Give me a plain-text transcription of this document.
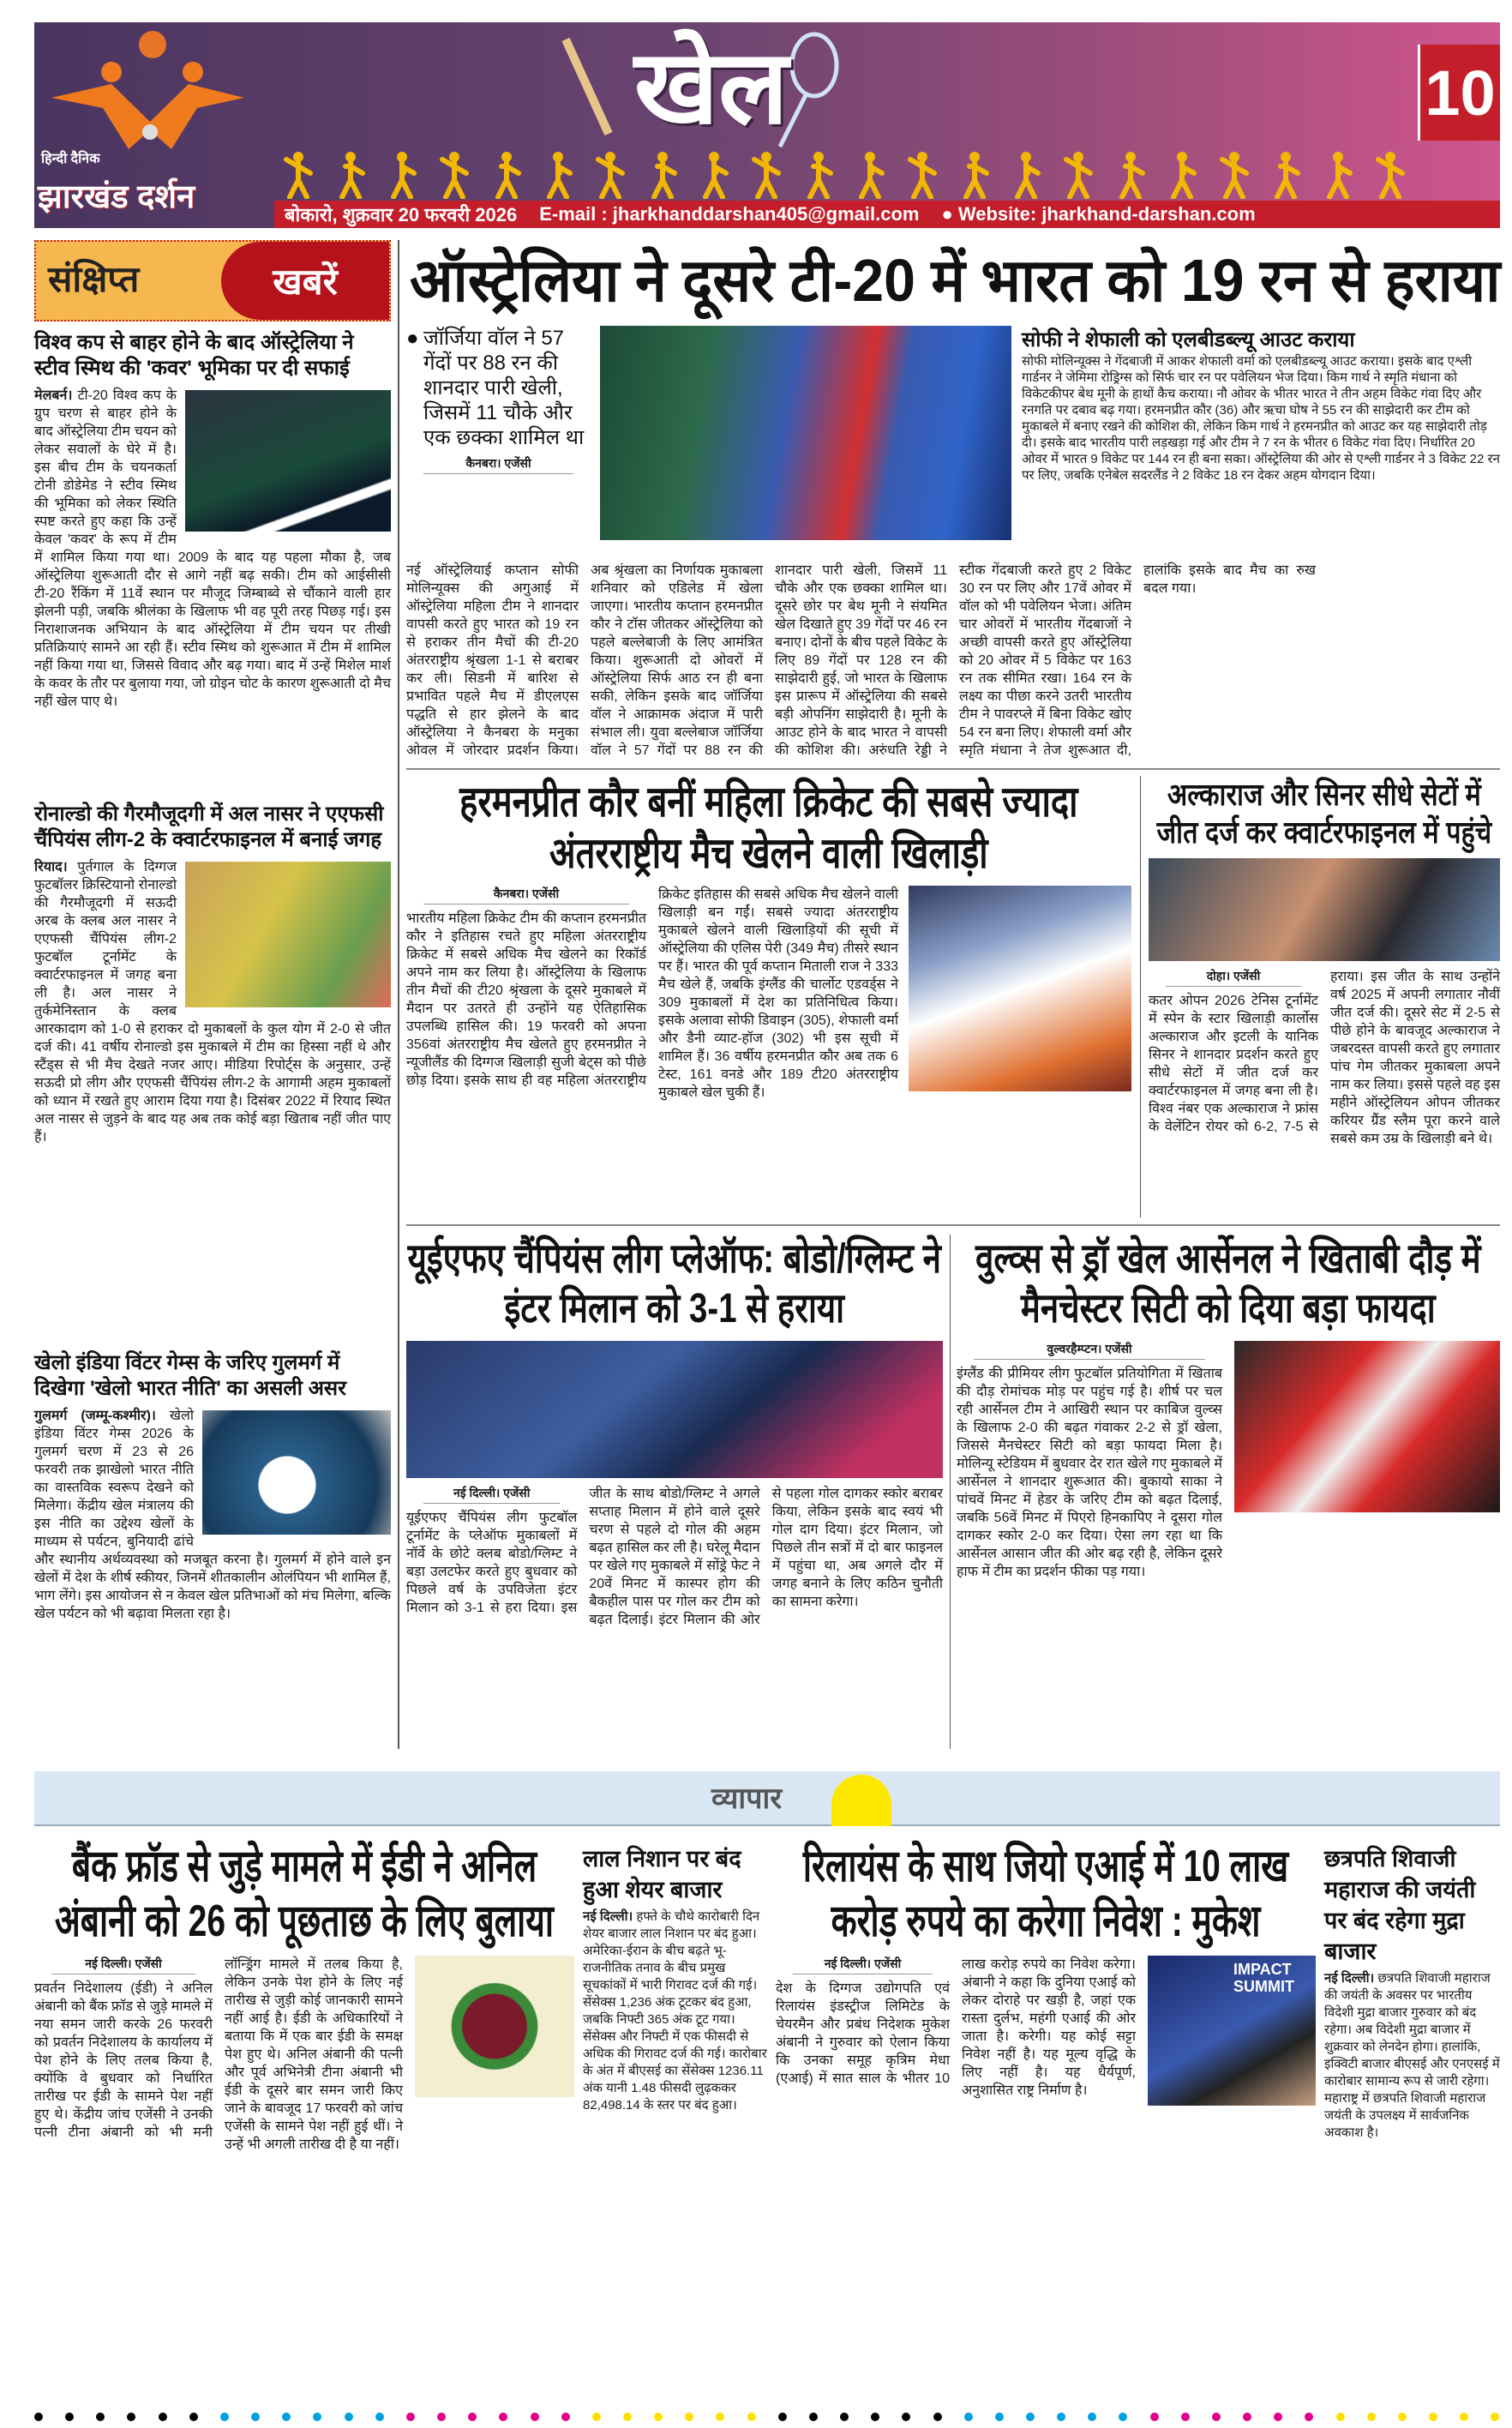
हिन्दी दैनिक
झारखंड दर्शन
खेल	10
बोकारो, शुक्रवार 20 फरवरी 2026 E-mail : jharkhanddarshan405@gmail.com ● Website: jharkhand-darshan.com
संक्षिप्त	खबरें
विश्व कप से बाहर होने के बाद ऑस्ट्रेलिया ने स्टीव स्मिथ की 'कवर' भूमिका पर दी सफाई
मेलबर्न। टी-20 विश्व कप के ग्रुप चरण से बाहर होने के बाद ऑस्ट्रेलिया टीम चयन को लेकर सवालों के घेरे में है। इस बीच टीम के चयनकर्ता टोनी डोडेमेड ने स्टीव स्मिथ की भूमिका को लेकर स्थिति स्पष्ट करते हुए कहा कि उन्हें केवल 'कवर' के रूप में टीम में शामिल किया गया था। 2009 के बाद यह पहला मौका है, जब ऑस्ट्रेलिया शुरूआती दौर से आगे नहीं बढ़ सकी। टीम को आईसीसी टी-20 रैंकिंग में 11वें स्थान पर मौजूद जिम्बाब्वे से चौंकाने वाली हार झेलनी पड़ी, जबकि श्रीलंका के खिलाफ भी वह पूरी तरह पिछड़ गई। इस निराशाजनक अभियान के बाद ऑस्ट्रेलिया में टीम चयन पर तीखी प्रतिक्रियाएं सामने आ रही हैं। स्टीव स्मिथ को शुरूआत में टीम में शामिल नहीं किया गया था, जिससे विवाद और बढ़ गया। बाद में उन्हें मिशेल मार्श के कवर के तौर पर बुलाया गया, जो ग्रोइन चोट के कारण शुरूआती दो मैच नहीं खेल पाए थे।
रोनाल्डो की गैरमौजूदगी में अल नासर ने एएफसी चैंपियंस लीग-2 के क्वार्टरफाइनल में बनाई जगह
रियाद। पुर्तगाल के दिग्गज फुटबॉलर क्रिस्टियानो रोनाल्डो की गैरमौजूदगी में सऊदी अरब के क्लब अल नासर ने एएफसी चैंपियंस लीग-2 फुटबॉल टूर्नामेंट के क्वार्टरफाइनल में जगह बना ली है। अल नासर ने तुर्कमेनिस्तान के क्लब आरकादाग को 1-0 से हराकर दो मुकाबलों के कुल योग में 2-0 से जीत दर्ज की। 41 वर्षीय रोनाल्डो इस मुकाबले में टीम का हिस्सा नहीं थे और स्टैंड्स से भी मैच देखते नजर आए। मीडिया रिपोर्ट्स के अनुसार, उन्हें सऊदी प्रो लीग और एएफसी चैंपियंस लीग-2 के आगामी अहम मुकाबलों को ध्यान में रखते हुए आराम दिया गया है। दिसंबर 2022 में रियाद स्थित अल नासर से जुड़ने के बाद यह अब तक कोई बड़ा खिताब नहीं जीत पाए हैं।
खेलो इंडिया विंटर गेम्स के जरिए गुलमर्ग में दिखेगा 'खेलो भारत नीति' का असली असर
गुलमर्ग (जम्मू-कश्मीर)। खेलो इंडिया विंटर गेम्स 2026 के गुलमर्ग चरण में 23 से 26 फरवरी तक झाखेलो भारत नीति का वास्तविक स्वरूप देखने को मिलेगा। केंद्रीय खेल मंत्रालय की इस नीति का उद्देश्य खेलों के माध्यम से पर्यटन, बुनियादी ढांचे और स्थानीय अर्थव्यवस्था को मजबूत करना है। गुलमर्ग में होने वाले इन खेलों में देश के शीर्ष स्कीयर, जिनमें शीतकालीन ओलंपियन भी शामिल हैं, भाग लेंगे। इस आयोजन से न केवल खेल प्रतिभाओं को मंच मिलेगा, बल्कि खेल पर्यटन को भी बढ़ावा मिलता रहा है।
ऑस्ट्रेलिया ने दूसरे टी-20 में भारत को 19 रन से हराया
● जॉर्जिया वॉल ने 57 गेंदों पर 88 रन की शानदार पारी खेली, जिसमें 11 चौके और एक छक्का शामिल था
कैनबरा। एजेंसी
सोफी ने शेफाली को एलबीडब्ल्यू आउट कराया
सोफी मोलिन्यूक्स ने गेंदबाजी में आकर शेफाली वर्मा को एलबीडब्ल्यू आउट कराया। इसके बाद एश्ली गार्डनर ने जेमिमा रोड्रिग्स को सिर्फ चार रन पर पवेलियन भेज दिया। किम गार्थ ने स्मृति मंधाना को विकेटकीपर बेथ मूनी के हाथों कैच कराया। नौ ओवर के भीतर भारत ने तीन अहम विकेट गंवा दिए और रनगति पर दबाव बढ़ गया। हरमनप्रीत कौर (36) और ऋचा घोष ने 55 रन की साझेदारी कर टीम को मुकाबले में बनाए रखने की कोशिश की, लेकिन किम गार्थ ने हरमनप्रीत को आउट कर यह साझेदारी तोड़ दी। इसके बाद भारतीय पारी लड़खड़ा गई और टीम ने 7 रन के भीतर 6 विकेट गंवा दिए। निर्धारित 20 ओवर में भारत 9 विकेट पर 144 रन ही बना सका। ऑस्ट्रेलिया की ओर से एश्ली गार्डनर ने 3 विकेट 22 रन पर लिए, जबकि एनेबेल सदरलैंड ने 2 विकेट 18 रन देकर अहम योगदान दिया।
नई ऑस्ट्रेलियाई कप्तान सोफी मोलिन्यूक्स की अगुआई में ऑस्ट्रेलिया महिला टीम ने शानदार वापसी करते हुए भारत को 19 रन से हराकर तीन मैचों की टी-20 अंतरराष्ट्रीय श्रृंखला 1-1 से बराबर कर ली। सिडनी में बारिश से प्रभावित पहले मैच में डीएलएस पद्धति से हार झेलने के बाद ऑस्ट्रेलिया ने कैनबरा के मनुका ओवल में जोरदार प्रदर्शन किया। अब श्रृंखला का निर्णायक मुकाबला शनिवार को एडिलेड में खेला जाएगा। भारतीय कप्तान हरमनप्रीत कौर ने टॉस जीतकर ऑस्ट्रेलिया को पहले बल्लेबाजी के लिए आमंत्रित किया। शुरूआती दो ओवरों में ऑस्ट्रेलिया सिर्फ आठ रन ही बना सकी, लेकिन इसके बाद जॉर्जिया वॉल ने आक्रामक अंदाज में पारी संभाल ली। युवा बल्लेबाज जॉर्जिया वॉल ने 57 गेंदों पर 88 रन की शानदार पारी खेली, जिसमें 11 चौके और एक छक्का शामिल था। दूसरे छोर पर बेथ मूनी ने संयमित खेल दिखाते हुए 39 गेंदों पर 46 रन बनाए। दोनों के बीच पहले विकेट के लिए 89 गेंदों पर 128 रन की साझेदारी हुई, जो भारत के खिलाफ इस प्रारूप में ऑस्ट्रेलिया की सबसे बड़ी ओपनिंग साझेदारी है। मूनी के आउट होने के बाद भारत ने वापसी की कोशिश की। अरुंधति रेड्डी ने स्टीक गेंदबाजी करते हुए 2 विकेट 30 रन पर लिए और 17वें ओवर में वॉल को भी पवेलियन भेजा। अंतिम चार ओवरों में भारतीय गेंदबाजों ने अच्छी वापसी करते हुए ऑस्ट्रेलिया को 20 ओवर में 5 विकेट पर 163 रन तक सीमित रखा। 164 रन के लक्ष्य का पीछा करने उतरी भारतीय टीम ने पावरप्ले में बिना विकेट खोए 54 रन बना लिए। शेफाली वर्मा और स्मृति मंधाना ने तेज शुरूआत दी, हालांकि इसके बाद मैच का रुख बदल गया।
हरमनप्रीत कौर बनीं महिला क्रिकेट की सबसे ज्यादा अंतरराष्ट्रीय मैच खेलने वाली खिलाड़ी
कैनबरा। एजेंसी
भारतीय महिला क्रिकेट टीम की कप्तान हरमनप्रीत कौर ने इतिहास रचते हुए महिला अंतरराष्ट्रीय क्रिकेट में सबसे अधिक मैच खेलने का रिकॉर्ड अपने नाम कर लिया है। ऑस्ट्रेलिया के खिलाफ तीन मैचों की टी20 श्रृंखला के दूसरे मुकाबले में मैदान पर उतरते ही उन्होंने यह ऐतिहासिक उपलब्धि हासिल की। 19 फरवरी को अपना 356वां अंतरराष्ट्रीय मैच खेलते हुए हरमनप्रीत ने न्यूजीलैंड की दिग्गज खिलाड़ी सुजी बेट्स को पीछे छोड़ दिया। इसके साथ ही वह महिला अंतरराष्ट्रीय क्रिकेट इतिहास की सबसे अधिक मैच खेलने वाली खिलाड़ी बन गईं। सबसे ज्यादा अंतरराष्ट्रीय मुकाबले खेलने वाली खिलाड़ियों की सूची में ऑस्ट्रेलिया की एलिस पेरी (349 मैच) तीसरे स्थान पर हैं। भारत की पूर्व कप्तान मिताली राज ने 333 मैच खेले हैं, जबकि इंग्लैंड की चार्लोट एडवर्ड्स ने 309 मुकाबलों में देश का प्रतिनिधित्व किया। इसके अलावा सोफी डिवाइन (305), शेफाली वर्मा और डैनी व्याट-हॉज (302) भी इस सूची में शामिल हैं। 36 वर्षीय हरमनप्रीत कौर अब तक 6 टेस्ट, 161 वनडे और 189 टी20 अंतरराष्ट्रीय मुकाबले खेल चुकी हैं।
अल्काराज और सिनर सीधे सेटों में जीत दर्ज कर क्वार्टरफाइनल में पहुंचे
दोहा। एजेंसी
कतर ओपन 2026 टेनिस टूर्नामेंट में स्पेन के स्टार खिलाड़ी कार्लोस अल्काराज और इटली के यानिक सिनर ने शानदार प्रदर्शन करते हुए सीधे सेटों में जीत दर्ज कर क्वार्टरफाइनल में जगह बना ली है। विश्व नंबर एक अल्काराज ने फ्रांस के वेलेंटिन रोयर को 6-2, 7-5 से हराया। इस जीत के साथ उन्होंने वर्ष 2025 में अपनी लगातार नौवीं जीत दर्ज की। दूसरे सेट में 2-5 से पीछे होने के बावजूद अल्काराज ने जबरदस्त वापसी करते हुए लगातार पांच गेम जीतकर मुकाबला अपने नाम कर लिया। इससे पहले वह इस महीने ऑस्ट्रेलियन ओपन जीतकर करियर ग्रैंड स्लैम पूरा करने वाले सबसे कम उम्र के खिलाड़ी बने थे।
यूईएफए चैंपियंस लीग प्लेऑफ: बोडो/ग्लिम्ट ने इंटर मिलान को 3-1 से हराया
नई दिल्ली। एजेंसी
यूईएफए चैंपियंस लीग फुटबॉल टूर्नामेंट के प्लेऑफ मुकाबलों में नॉर्वे के छोटे क्लब बोडो/ग्लिम्ट ने बड़ा उलटफेर करते हुए बुधवार को पिछले वर्ष के उपविजेता इंटर मिलान को 3-1 से हरा दिया। इस जीत के साथ बोडो/ग्लिम्ट ने अगले सप्ताह मिलान में होने वाले दूसरे चरण से पहले दो गोल की अहम बढ़त हासिल कर ली है। घरेलू मैदान पर खेले गए मुकाबले में सोंड्रे फेट ने 20वें मिनट में कास्पर होग की बैकहील पास पर गोल कर टीम को बढ़त दिलाई। इंटर मिलान की ओर से पहला गोल दागकर स्कोर बराबर किया, लेकिन इसके बाद स्वयं भी गोल दाग दिया। इंटर मिलान, जो पिछले तीन सत्रों में दो बार फाइनल में पहुंचा था, अब अगले दौर में जगह बनाने के लिए कठिन चुनौती का सामना करेगा।
वुल्व्स से ड्रॉ खेल आर्सेनल ने खिताबी दौड़ में मैनचेस्टर सिटी को दिया बड़ा फायदा
वुल्वरहैम्प्टन। एजेंसी
इंग्लैंड की प्रीमियर लीग फुटबॉल प्रतियोगिता में खिताब की दौड़ रोमांचक मोड़ पर पहुंच गई है। शीर्ष पर चल रही आर्सेनल टीम ने आखिरी स्थान पर काबिज वुल्व्स के खिलाफ 2-0 की बढ़त गंवाकर 2-2 से ड्रॉ खेला, जिससे मैनचेस्टर सिटी को बड़ा फायदा मिला है। मोलिन्यू स्टेडियम में बुधवार देर रात खेले गए मुकाबले में आर्सेनल ने शानदार शुरूआत की। बुकायो साका ने पांचवें मिनट में हेडर के जरिए टीम को बढ़त दिलाई, जबकि 56वें मिनट में पिएरो हिनकापिए ने दूसरा गोल दागकर स्कोर 2-0 कर दिया। ऐसा लग रहा था कि आर्सेनल आसान जीत की ओर बढ़ रही है, लेकिन दूसरे हाफ में टीम का प्रदर्शन फीका पड़ गया।
व्यापार
बैंक फ्रॉड से जुड़े मामले में ईडी ने अनिल अंबानी को 26 को पूछताछ के लिए बुलाया
नई दिल्ली। एजेंसी
प्रवर्तन निदेशालय (ईडी) ने अनिल अंबानी को बैंक फ्रॉड से जुड़े मामले में नया समन जारी करके 26 फरवरी को प्रवर्तन निदेशालय के कार्यालय में पेश होने के लिए तलब किया है, क्योंकि वे बुधवार को निर्धारित तारीख पर ईडी के सामने पेश नहीं हुए थे। केंद्रीय जांच एजेंसी ने उनकी पत्नी टीना अंबानी को भी मनी लॉन्ड्रिंग मामले में तलब किया है, लेकिन उनके पेश होने के लिए नई तारीख से जुड़ी कोई जानकारी सामने नहीं आई है। ईडी के अधिकारियों ने बताया कि में एक बार ईडी के समक्ष पेश हुए थे। अनिल अंबानी की पत्नी और पूर्व अभिनेत्री टीना अंबानी भी ईडी के दूसरे बार समन जारी किए जाने के बावजूद 17 फरवरी को जांच एजेंसी के सामने पेश नहीं हुई थीं। ने उन्हें भी अगली तारीख दी है या नहीं।
लाल निशान पर बंद हुआ शेयर बाजार
नई दिल्ली। हफ्ते के चौथे कारोबारी दिन शेयर बाजार लाल निशान पर बंद हुआ। अमेरिका-ईरान के बीच बढ़ते भू-राजनीतिक तनाव के बीच प्रमुख सूचकांकों में भारी गिरावट दर्ज की गई। सेंसेक्स 1,236 अंक टूटकर बंद हुआ, जबकि निफ्टी 365 अंक टूट गया। सेंसेक्स और निफ्टी में एक फीसदी से अधिक की गिरावट दर्ज की गई। कारोबार के अंत में बीएसई का सेंसेक्स 1236.11 अंक यानी 1.48 फीसदी लुढ़ककर 82,498.14 के स्तर पर बंद हुआ।
रिलायंस के साथ जियो एआई में 10 लाख करोड़ रुपये का करेगा निवेश : मुकेश
IMPACT SUMMIT
नई दिल्ली। एजेंसी
देश के दिग्गज उद्योगपति एवं रिलायंस इंडस्ट्रीज लिमिटेड के चेयरमैन और प्रबंध निदेशक मुकेश अंबानी ने गुरुवार को ऐलान किया कि उनका समूह कृत्रिम मेधा (एआई) में सात साल के भीतर 10 लाख करोड़ रुपये का निवेश करेगा। अंबानी ने कहा कि दुनिया एआई को लेकर दोराहे पर खड़ी है, जहां एक रास्ता दुर्लभ, महंगी एआई की ओर जाता है। करेगी। यह कोई सट्टा निवेश नहीं है। यह मूल्य वृद्धि के लिए नहीं है। यह धैर्यपूर्ण, अनुशासित राष्ट्र निर्माण है।
छत्रपति शिवाजी महाराज की जयंती पर बंद रहेगा मुद्रा बाजार
नई दिल्ली। छत्रपति शिवाजी महाराज की जयंती के अवसर पर भारतीय विदेशी मुद्रा बाजार गुरुवार को बंद रहेगा। अब विदेशी मुद्रा बाजार में शुक्रवार को लेनदेन होगा। हालांकि, इक्विटी बाजार बीएसई और एनएसई में कारोबार सामान्य रूप से जारी रहेगा। महाराष्ट्र में छत्रपति शिवाजी महाराज जयंती के उपलक्ष्य में सार्वजनिक अवकाश है।
